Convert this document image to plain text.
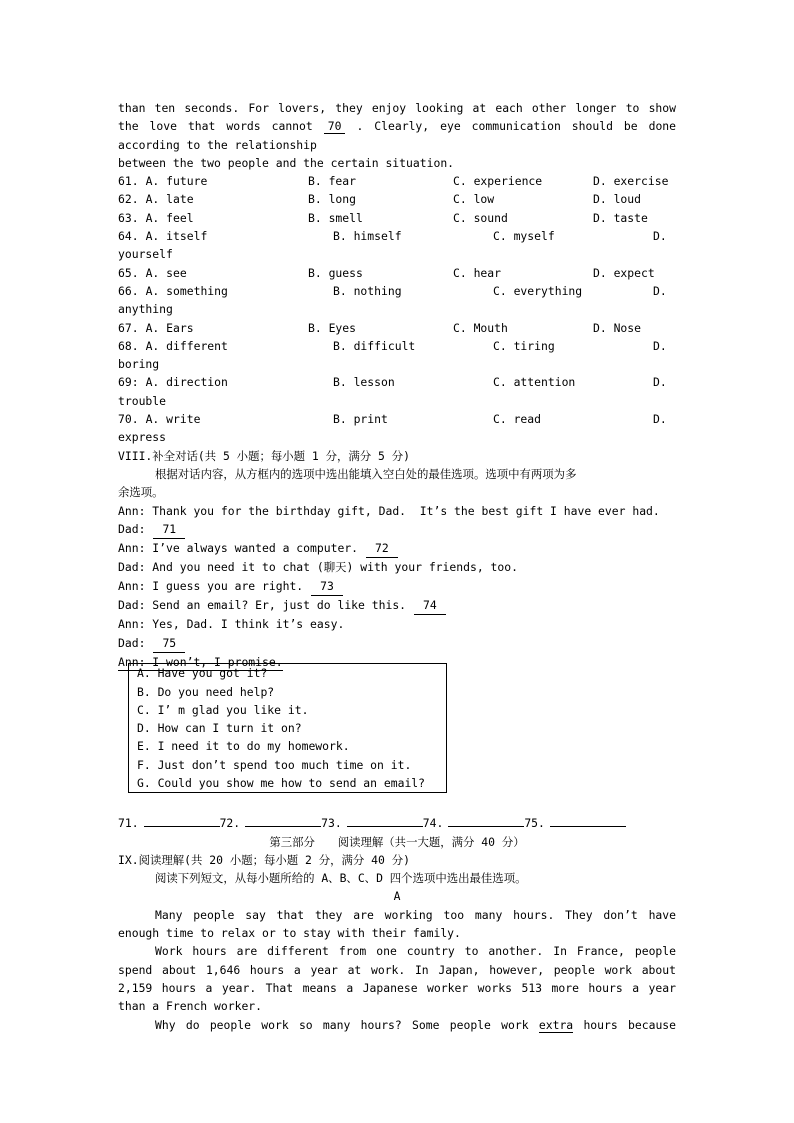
than ten seconds. For lovers, they enjoy looking at each other longer to show
the love that words cannot 70 . Clearly, eye communication should be done
according to the relationship
between the two people and the certain situation.
61. A. future	B. fear	C. experience	D. exercise
62. A. late	B. long	C. low	D. loud
63. A. feel	B. smell	C. sound	D. taste
64. A. itself	B. himself	C. myself	D.
yourself
65. A. see	B. guess	C. hear	D. expect
66. A. something	B. nothing	C. everything	D.
anything
67. A. Ears	B. Eyes	C. Mouth	D. Nose
68. A. different	B. difficult	C. tiring	D.
boring
69: A. direction	B. lesson	C. attention	D.
trouble
70. A. write	B. print	C. read	D.
express
VIII.补全对话(共 5 小题；每小题 1 分，满分 5 分)
根据对话内容，从方框内的选项中选出能填入空白处的最佳选项。选项中有两项为多
余选项。
Ann: Thank you for the birthday gift, Dad.  It’s the best gift I have ever had.
Dad: 71
Ann: I’ve always wanted a computer. 72
Dad: And you need it to chat (聊天) with your friends, too.
Ann: I guess you are right. 73
Dad: Send an email? Er, just do like this. 74
Ann: Yes, Dad. I think it’s easy.
Dad: 75
Ann: I won’t, I promise.
A. Have you got it?
B. Do you need help?
C. I’ m glad you like it.
D. How can I turn it on?
E. I need it to do my homework.
F. Just don’t spend too much time on it.
G. Could you show me how to send an email?
71.	72.	73.	74.	75.
第三部分　　阅读理解（共一大题，满分 40 分）
IX.阅读理解(共 20 小题；每小题 2 分，满分 40 分)
阅读下列短文，从每小题所给的 A、B、C、D 四个选项中选出最佳选项。
A
Many people say that they are working too many hours. They don’t have
enough time to relax or to stay with their family.
Work hours are different from one country to another. In France, people
spend about 1,646 hours a year at work. In Japan, however, people work about
2,159 hours a year. That means a Japanese worker works 513 more hours a year
than a French worker.
Why do people work so many hours? Some people work extra hours because
